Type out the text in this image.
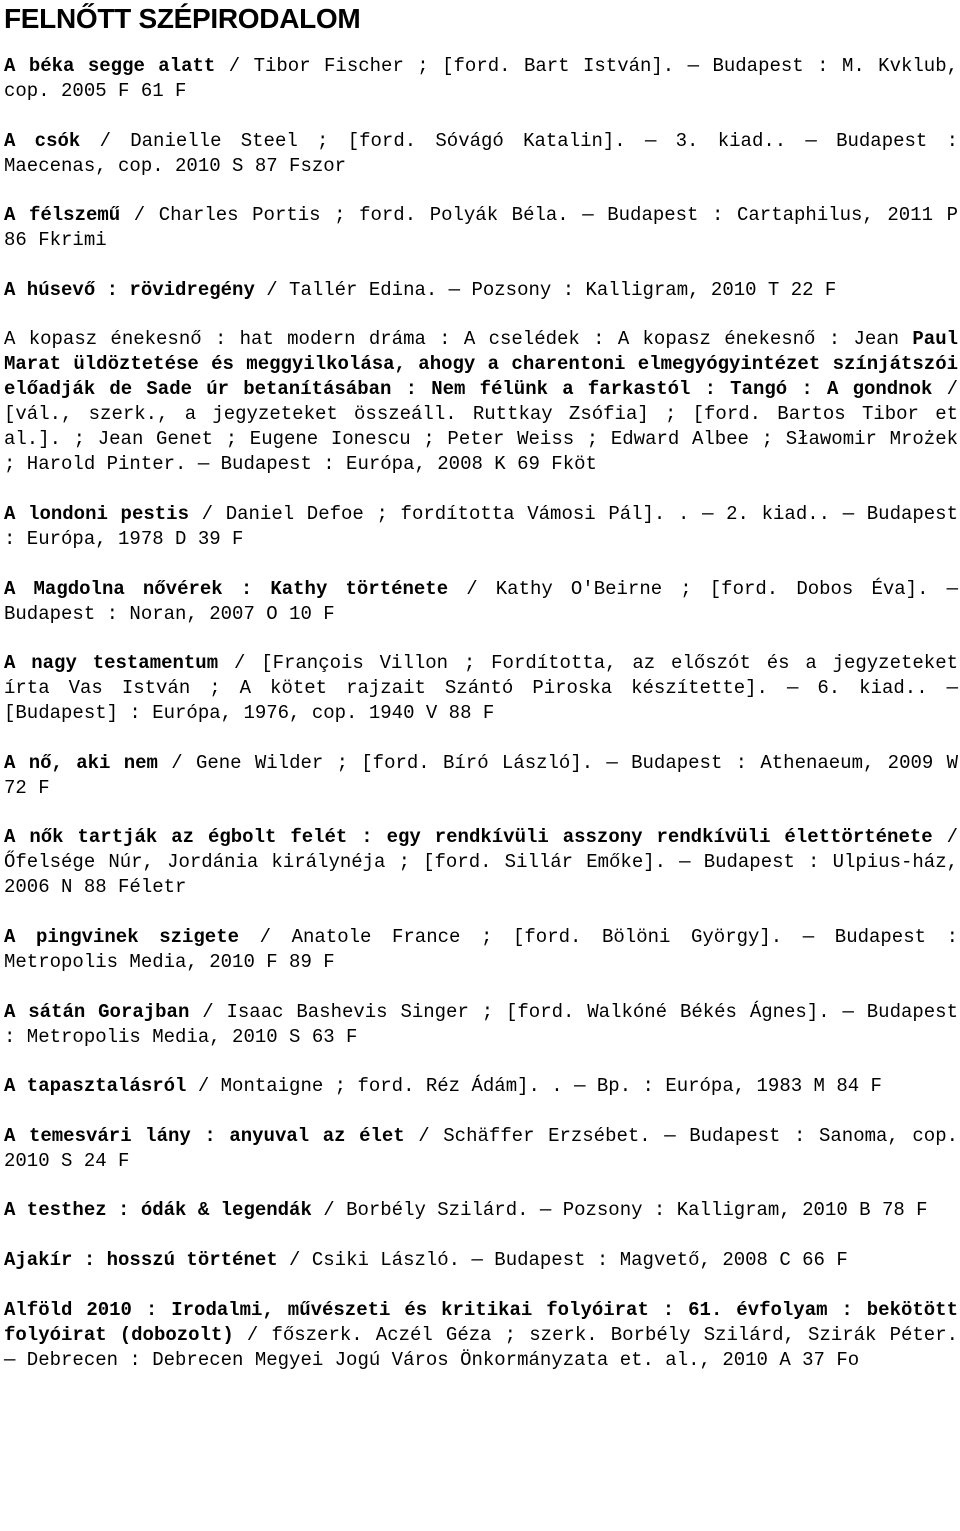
FELNŐTT SZÉPIRODALOM

A béka segge alatt / Tibor Fischer ; [ford. Bart István]. — Budapest : M. Kvklub, cop. 2005 F 61 F

A csók / Danielle Steel ; [ford. Sóvágó Katalin]. — 3. kiad.. — Budapest : Maecenas, cop. 2010 S 87 Fszor

A félszemű / Charles Portis ; ford. Polyák Béla. — Budapest : Cartaphilus, 2011 P 86 Fkrimi

A húsevő : rövidregény / Tallér Edina. — Pozsony : Kalligram, 2010 T 22 F

A kopasz énekesnő : hat modern dráma : A cselédek : A kopasz énekesnő : Jean Paul Marat üldöztetése és meggyilkolása, ahogy a charentoni elmegyógyintézet színjátszói előadják de Sade úr betanításában : Nem félünk a farkastól : Tangó : A gondnok / [vál., szerk., a jegyzeteket összeáll. Ruttkay Zsófia] ; [ford. Bartos Tibor et al.]. ; Jean Genet ; Eugene Ionescu ; Peter Weiss ; Edward Albee ; Sławomir Mrożek ; Harold Pinter. — Budapest : Európa, 2008 K 69 Fköt

A londoni pestis / Daniel Defoe ; fordította Vámosi Pál]. . — 2. kiad.. — Budapest : Európa, 1978 D 39 F

A Magdolna nővérek : Kathy története / Kathy O'Beirne ; [ford. Dobos Éva]. — Budapest : Noran, 2007 O 10 F

A nagy testamentum / [François Villon ; Fordította, az előszót és a jegyzeteket írta Vas István ; A kötet rajzait Szántó Piroska készítette]. — 6. kiad.. — [Budapest] : Európa, 1976, cop. 1940 V 88 F

A nő, aki nem / Gene Wilder ; [ford. Bíró László]. — Budapest : Athenaeum, 2009 W 72 F

A nők tartják az égbolt felét : egy rendkívüli asszony rendkívüli élettörténete / Őfelsége Núr, Jordánia királynéja ; [ford. Sillár Emőke]. — Budapest : Ulpius-ház, 2006 N 88 Féletr

A pingvinek szigete / Anatole France ; [ford. Bölöni György]. — Budapest : Metropolis Media, 2010 F 89 F

A sátán Gorajban / Isaac Bashevis Singer ; [ford. Walkóné Békés Ágnes]. — Budapest : Metropolis Media, 2010 S 63 F

A tapasztalásról / Montaigne ; ford. Réz Ádám]. . — Bp. : Európa, 1983 M 84 F

A temesvári lány : anyuval az élet / Schäffer Erzsébet. — Budapest : Sanoma, cop. 2010 S 24 F

A testhez : ódák & legendák / Borbély Szilárd. — Pozsony : Kalligram, 2010 B 78 F

Ajakír : hosszú történet / Csiki László. — Budapest : Magvető, 2008 C 66 F

Alföld 2010 : Irodalmi, művészeti és kritikai folyóirat : 61. évfolyam : bekötött folyóirat (dobozolt) / főszerk. Aczél Géza ; szerk. Borbély Szilárd, Szirák Péter. — Debrecen : Debrecen Megyei Jogú Város Önkormányzata et. al., 2010 A 37 Fo
